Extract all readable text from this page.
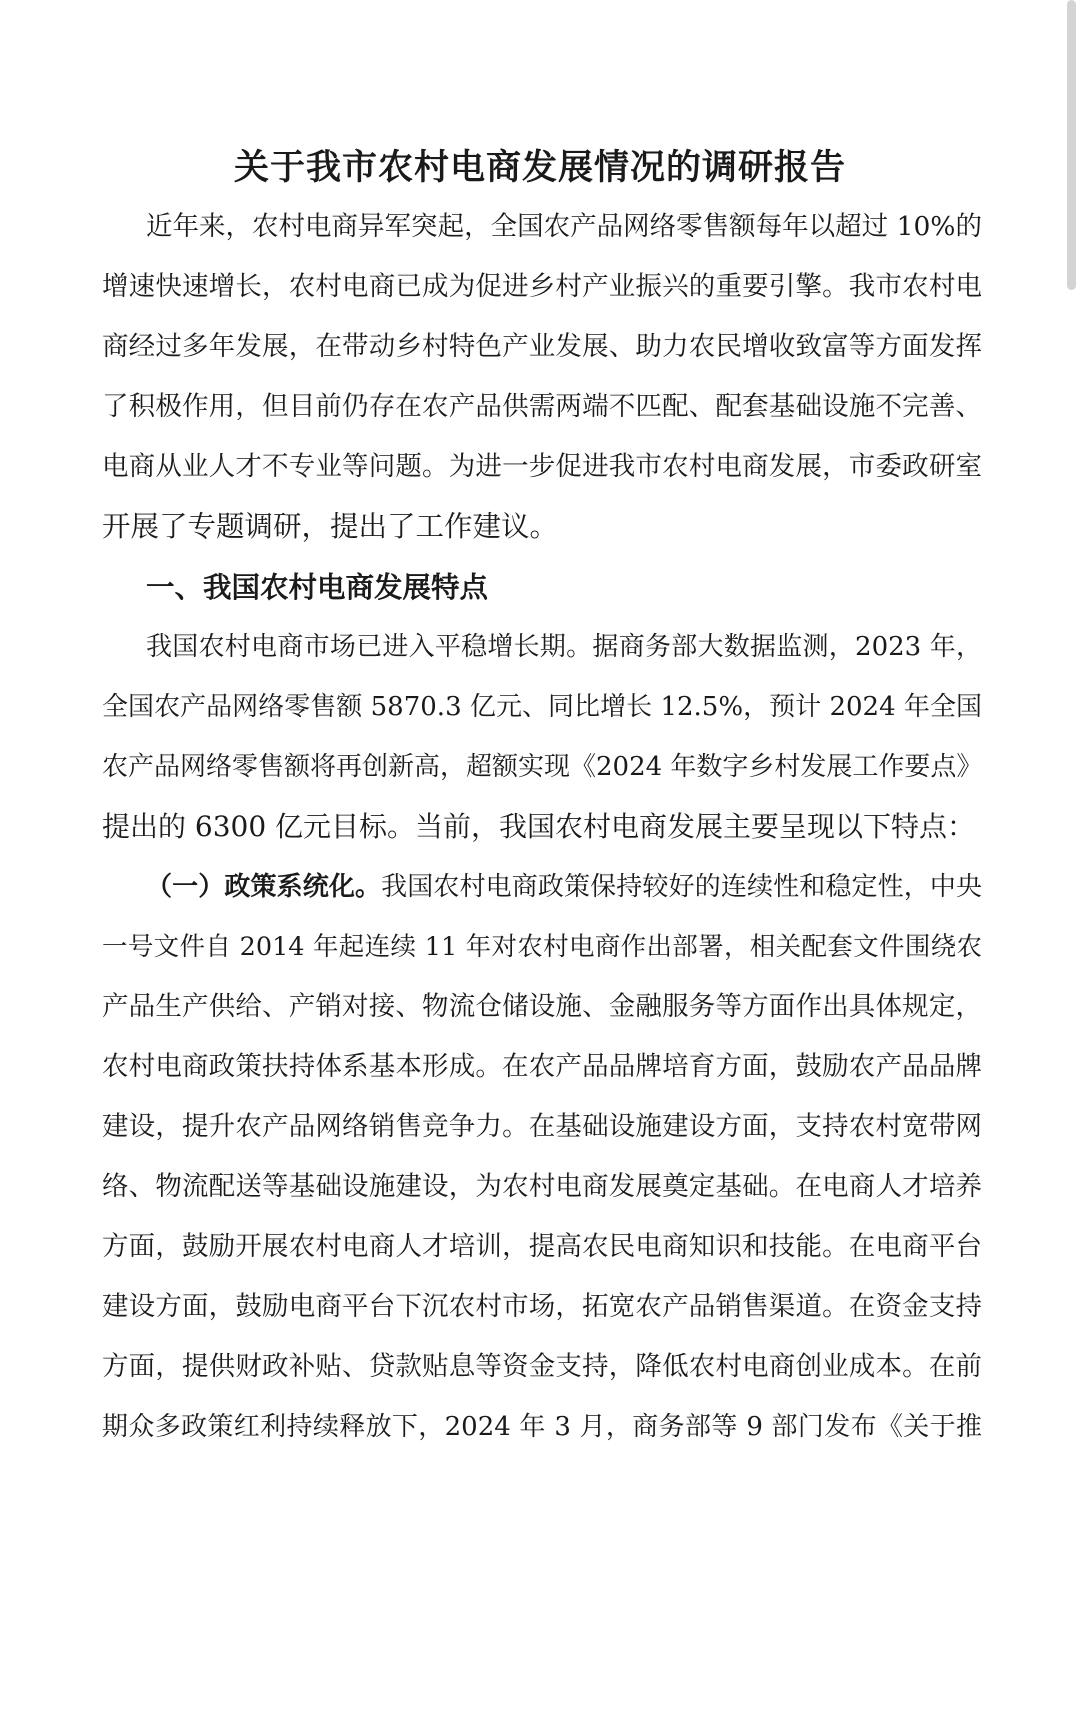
关于我市农村电商发展情况的调研报告
近年来，农村电商异军突起，全国农产品网络零售额每年以超过 10%的
增速快速增长，农村电商已成为促进乡村产业振兴的重要引擎。我市农村电
商经过多年发展，在带动乡村特色产业发展、助力农民增收致富等方面发挥
了积极作用，但目前仍存在农产品供需两端不匹配、配套基础设施不完善、
电商从业人才不专业等问题。为进一步促进我市农村电商发展，市委政研室
开展了专题调研，提出了工作建议。
一、我国农村电商发展特点
我国农村电商市场已进入平稳增长期。据商务部大数据监测，2023 年，
全国农产品网络零售额 5870.3 亿元、同比增长 12.5%，预计 2024 年全国
农产品网络零售额将再创新高，超额实现《2024 年数字乡村发展工作要点》
提出的 6300 亿元目标。当前，我国农村电商发展主要呈现以下特点：
（一）政策系统化。我国农村电商政策保持较好的连续性和稳定性，中央
一号文件自 2014 年起连续 11 年对农村电商作出部署，相关配套文件围绕农
产品生产供给、产销对接、物流仓储设施、金融服务等方面作出具体规定，
农村电商政策扶持体系基本形成。在农产品品牌培育方面，鼓励农产品品牌
建设，提升农产品网络销售竞争力。在基础设施建设方面，支持农村宽带网
络、物流配送等基础设施建设，为农村电商发展奠定基础。在电商人才培养
方面，鼓励开展农村电商人才培训，提高农民电商知识和技能。在电商平台
建设方面，鼓励电商平台下沉农村市场，拓宽农产品销售渠道。在资金支持
方面，提供财政补贴、贷款贴息等资金支持，降低农村电商创业成本。在前
期众多政策红利持续释放下，2024 年 3 月，商务部等 9 部门发布《关于推
